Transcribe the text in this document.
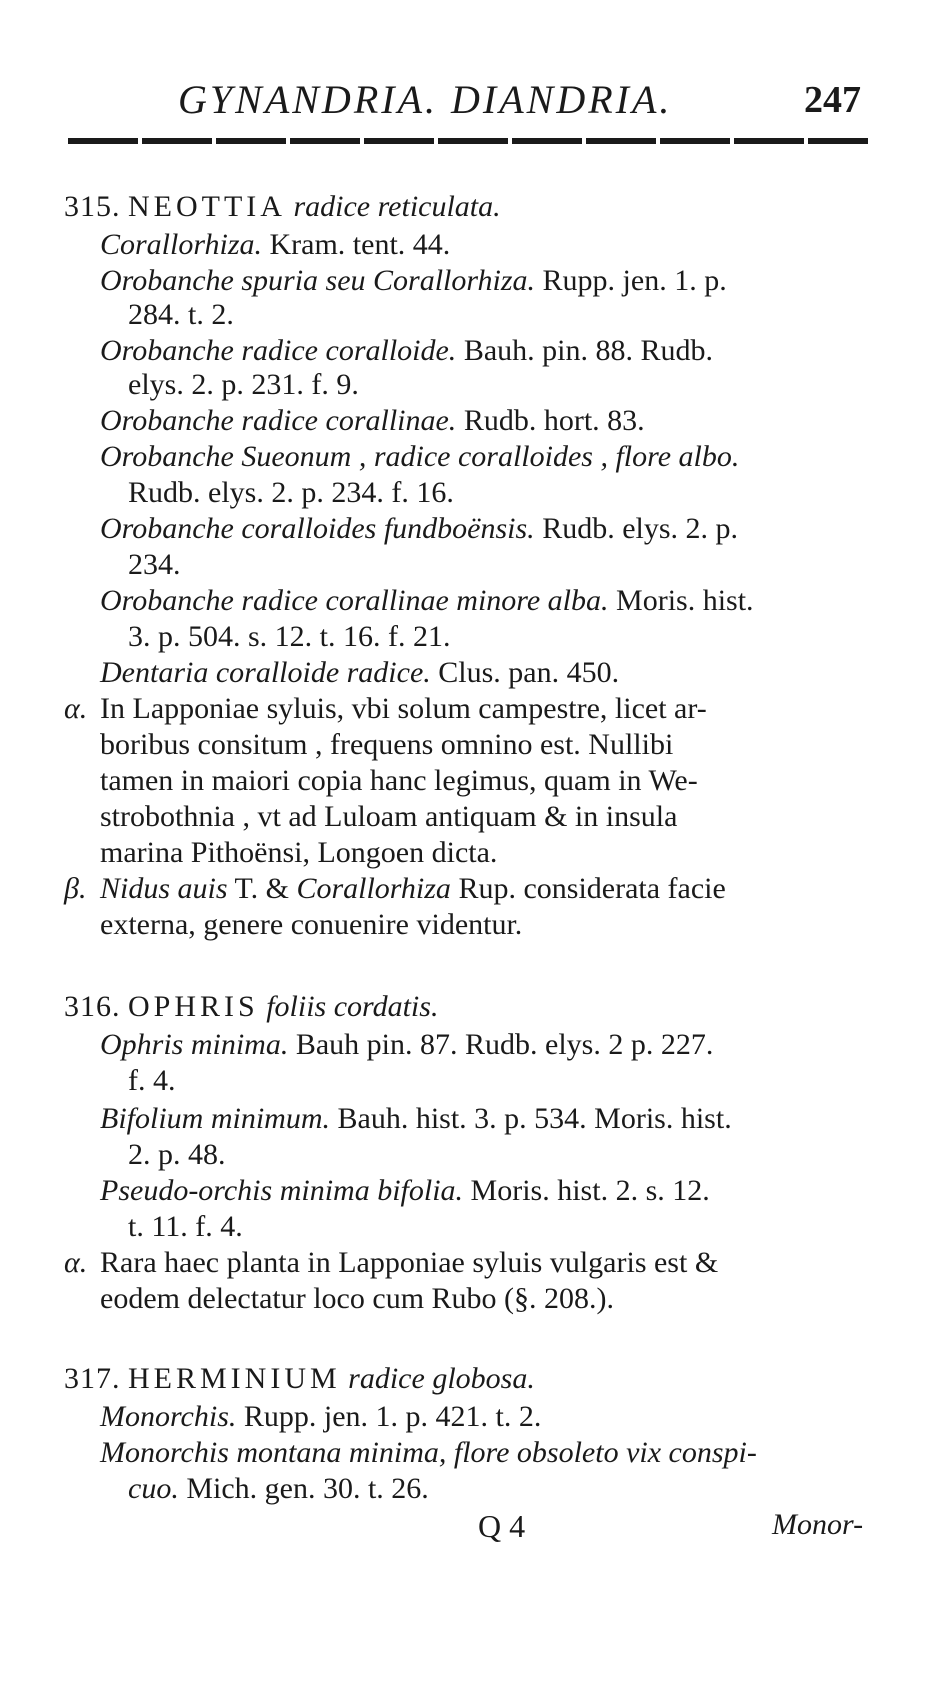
GYNANDRIA. DIANDRIA.	247
315. NEOTTIA radice reticulata.
Corallorhiza. Kram. tent. 44.
Orobanche spuria seu Corallorhiza. Rupp. jen. 1. p.
284. t. 2.
Orobanche radice coralloide. Bauh. pin. 88. Rudb.
elys. 2. p. 231. f. 9.
Orobanche radice corallinae. Rudb. hort. 83.
Orobanche Sueonum , radice coralloides , flore albo.
Rudb. elys. 2. p. 234. f. 16.
Orobanche coralloides fundboënsis. Rudb. elys. 2. p.
234.
Orobanche radice corallinae minore alba. Moris. hist.
3. p. 504. s. 12. t. 16. f. 21.
Dentaria coralloide radice. Clus. pan. 450.
α. In Lapponiae syluis, vbi solum campestre, licet ar-
boribus consitum , frequens omnino est. Nullibi
tamen in maiori copia hanc legimus, quam in We-
strobothnia , vt ad Luloam antiquam & in insula
marina Pithoënsi, Longoen dicta.
β. Nidus auis T. & Corallorhiza Rup. considerata facie
externa, genere conuenire videntur.
316. OPHRIS foliis cordatis.
Ophris minima. Bauh pin. 87. Rudb. elys. 2 p. 227.
f. 4.
Bifolium minimum. Bauh. hist. 3. p. 534. Moris. hist.
2. p. 48.
Pseudo-orchis minima bifolia. Moris. hist. 2. s. 12.
t. 11. f. 4.
α. Rara haec planta in Lapponiae syluis vulgaris est &
eodem delectatur loco cum Rubo (§. 208.).
317. HERMINIUM radice globosa.
Monorchis. Rupp. jen. 1. p. 421. t. 2.
Monorchis montana minima, flore obsoleto vix conspi-
cuo. Mich. gen. 30. t. 26.
Q 4	Monor-
